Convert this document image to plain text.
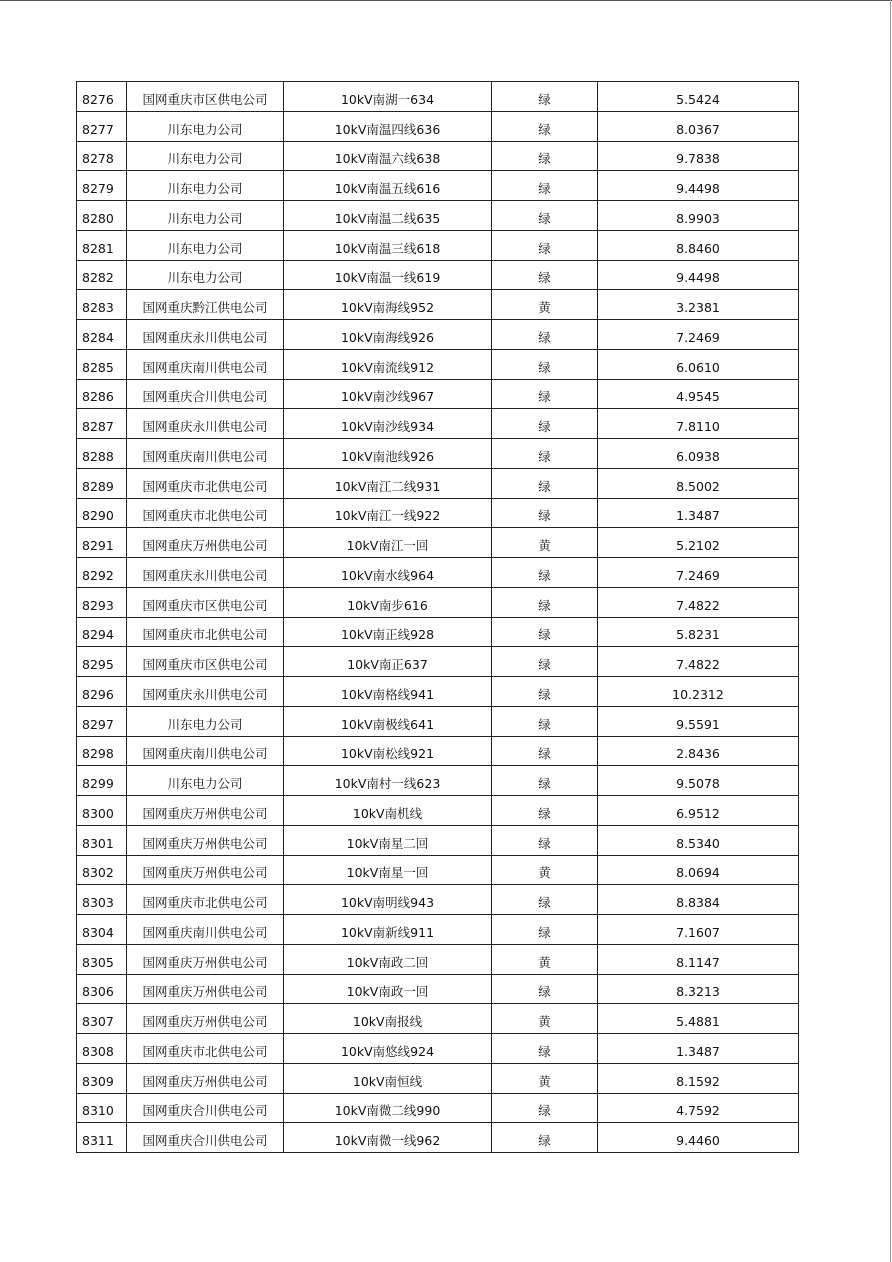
8276	国网重庆市区供电公司	10kV南湖一634	绿	5.5424
8277	川东电力公司	10kV南温四线636	绿	8.0367
8278	川东电力公司	10kV南温六线638	绿	9.7838
8279	川东电力公司	10kV南温五线616	绿	9.4498
8280	川东电力公司	10kV南温二线635	绿	8.9903
8281	川东电力公司	10kV南温三线618	绿	8.8460
8282	川东电力公司	10kV南温一线619	绿	9.4498
8283	国网重庆黔江供电公司	10kV南海线952	黄	3.2381
8284	国网重庆永川供电公司	10kV南海线926	绿	7.2469
8285	国网重庆南川供电公司	10kV南流线912	绿	6.0610
8286	国网重庆合川供电公司	10kV南沙线967	绿	4.9545
8287	国网重庆永川供电公司	10kV南沙线934	绿	7.8110
8288	国网重庆南川供电公司	10kV南池线926	绿	6.0938
8289	国网重庆市北供电公司	10kV南江二线931	绿	8.5002
8290	国网重庆市北供电公司	10kV南江一线922	绿	1.3487
8291	国网重庆万州供电公司	10kV南江一回	黄	5.2102
8292	国网重庆永川供电公司	10kV南水线964	绿	7.2469
8293	国网重庆市区供电公司	10kV南步616	绿	7.4822
8294	国网重庆市北供电公司	10kV南正线928	绿	5.8231
8295	国网重庆市区供电公司	10kV南正637	绿	7.4822
8296	国网重庆永川供电公司	10kV南格线941	绿	10.2312
8297	川东电力公司	10kV南极线641	绿	9.5591
8298	国网重庆南川供电公司	10kV南松线921	绿	2.8436
8299	川东电力公司	10kV南村一线623	绿	9.5078
8300	国网重庆万州供电公司	10kV南机线	绿	6.9512
8301	国网重庆万州供电公司	10kV南星二回	绿	8.5340
8302	国网重庆万州供电公司	10kV南星一回	黄	8.0694
8303	国网重庆市北供电公司	10kV南明线943	绿	8.8384
8304	国网重庆南川供电公司	10kV南新线911	绿	7.1607
8305	国网重庆万州供电公司	10kV南政二回	黄	8.1147
8306	国网重庆万州供电公司	10kV南政一回	绿	8.3213
8307	国网重庆万州供电公司	10kV南报线	黄	5.4881
8308	国网重庆市北供电公司	10kV南悠线924	绿	1.3487
8309	国网重庆万州供电公司	10kV南恒线	黄	8.1592
8310	国网重庆合川供电公司	10kV南微二线990	绿	4.7592
8311	国网重庆合川供电公司	10kV南微一线962	绿	9.4460
